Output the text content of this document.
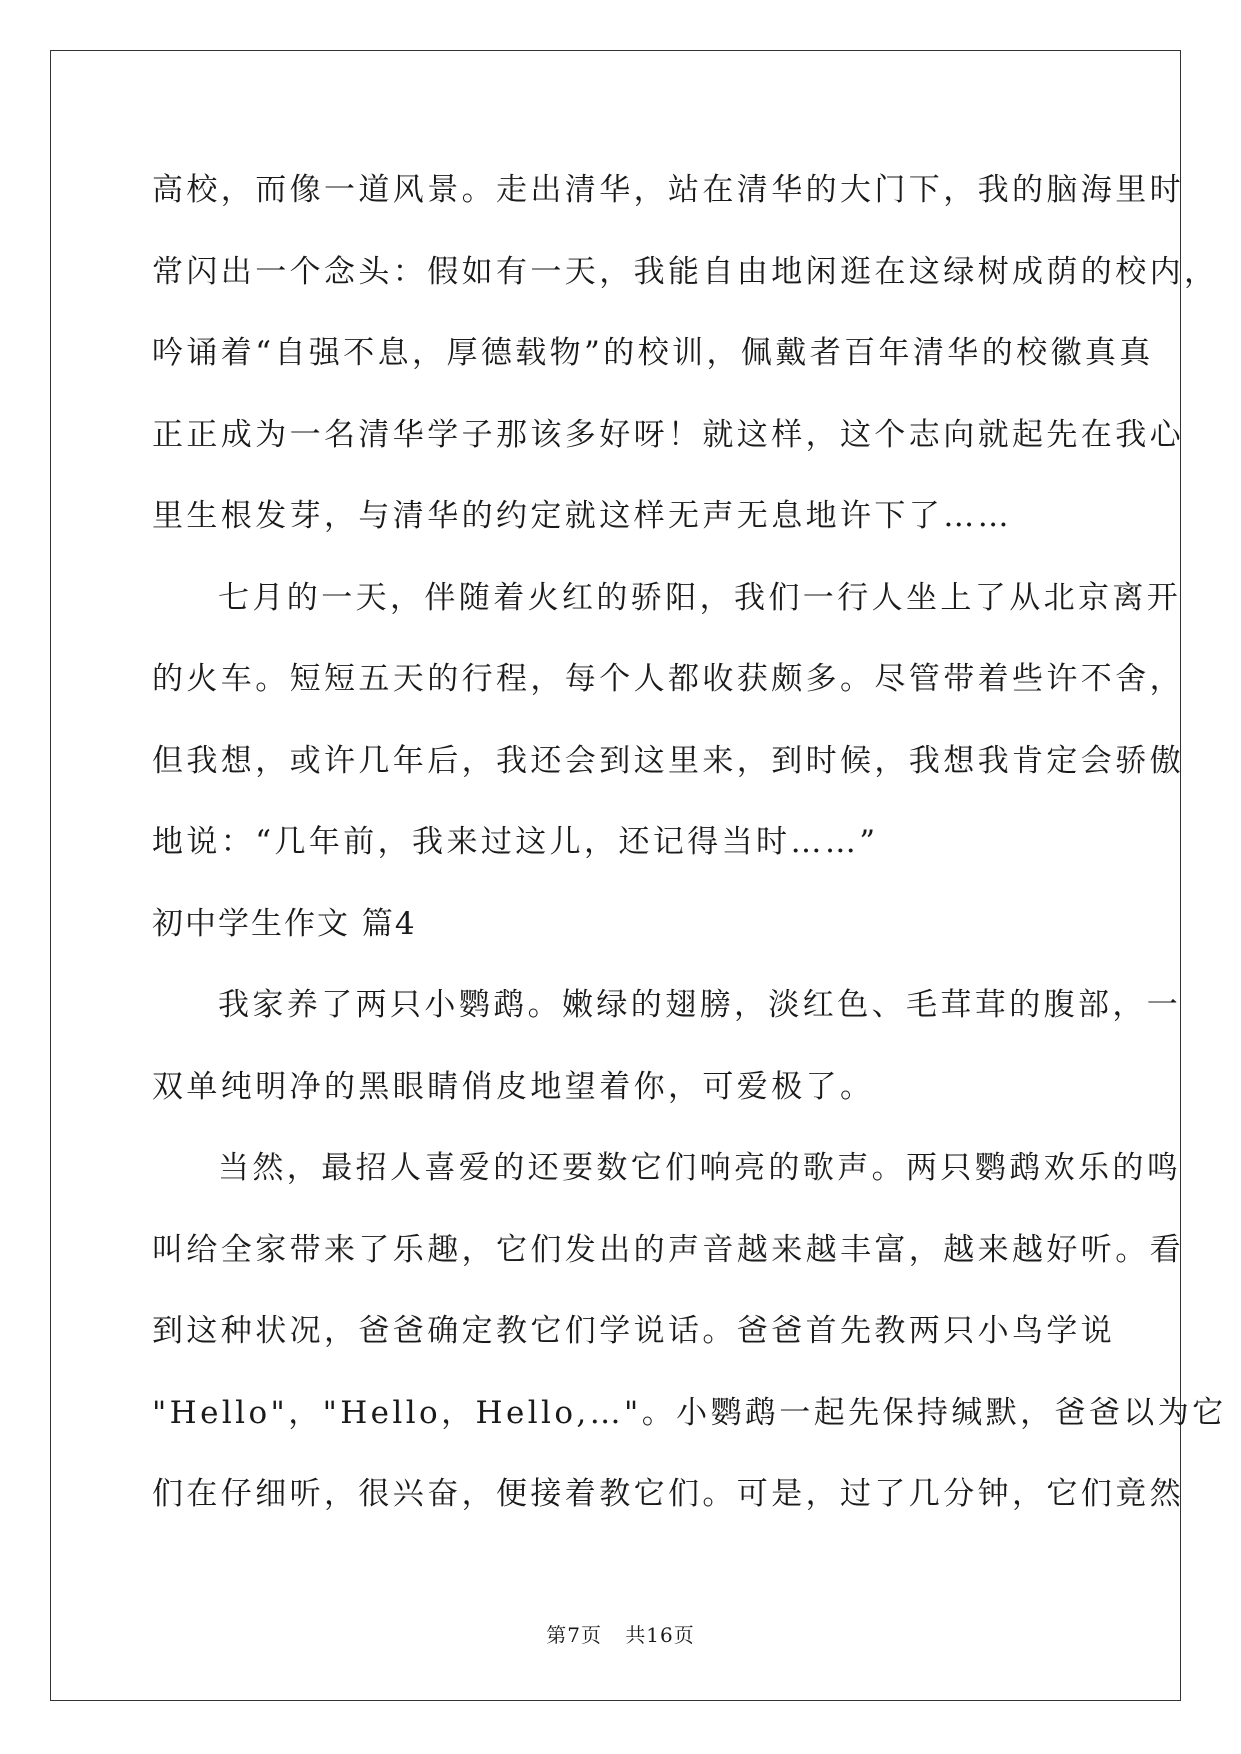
高校，而像一道风景。走出清华，站在清华的大门下，我的脑海里时
常闪出一个念头：假如有一天，我能自由地闲逛在这绿树成荫的校内，
吟诵着“自强不息，厚德载物”的校训，佩戴者百年清华的校徽真真
正正成为一名清华学子那该多好呀！就这样，这个志向就起先在我心
里生根发芽，与清华的约定就这样无声无息地许下了……
七月的一天，伴随着火红的骄阳，我们一行人坐上了从北京离开
的火车。短短五天的行程，每个人都收获颇多。尽管带着些许不舍，
但我想，或许几年后，我还会到这里来，到时候，我想我肯定会骄傲
地说：“几年前，我来过这儿，还记得当时……”
初中学生作文 篇4
我家养了两只小鹦鹉。嫩绿的翅膀，淡红色、毛茸茸的腹部，一
双单纯明净的黑眼睛俏皮地望着你，可爱极了。
当然，最招人喜爱的还要数它们响亮的歌声。两只鹦鹉欢乐的鸣
叫给全家带来了乐趣，它们发出的声音越来越丰富，越来越好听。看
到这种状况，爸爸确定教它们学说话。爸爸首先教两只小鸟学说
"Hello"，"Hello，Hello,…"。小鹦鹉一起先保持缄默，爸爸以为它
们在仔细听，很兴奋，便接着教它们。可是，过了几分钟，它们竟然
第7页 共16页
